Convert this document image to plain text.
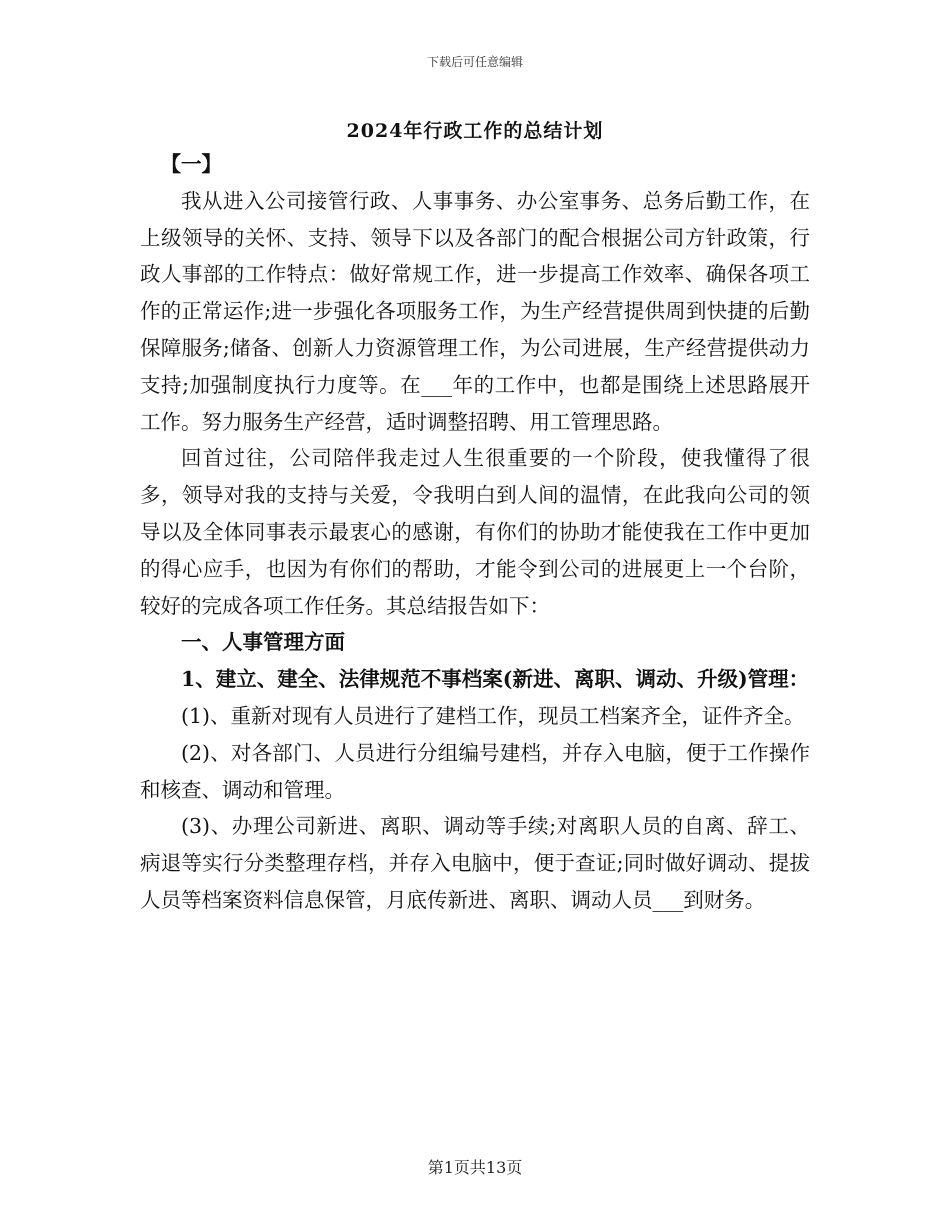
下载后可任意编辑
2024年行政工作的总结计划

【一】

我从进入公司接管行政、人事事务、办公室事务、总务后勤工作，在上级领导的关怀、支持、领导下以及各部门的配合根据公司方针政策，行政人事部的工作特点：做好常规工作，进一步提高工作效率、确保各项工作的正常运作;进一步强化各项服务工作，为生产经营提供周到快捷的后勤保障服务;储备、创新人力资源管理工作，为公司进展，生产经营提供动力支持;加强制度执行力度等。在___年的工作中，也都是围绕上述思路展开工作。努力服务生产经营，适时调整招聘、用工管理思路。

回首过往，公司陪伴我走过人生很重要的一个阶段，使我懂得了很多，领导对我的支持与关爱，令我明白到人间的温情，在此我向公司的领导以及全体同事表示最衷心的感谢，有你们的协助才能使我在工作中更加的得心应手，也因为有你们的帮助，才能令到公司的进展更上一个台阶，较好的完成各项工作任务。其总结报告如下：

一、人事管理方面

1、建立、建全、法律规范不事档案(新进、离职、调动、升级)管理：

(1)、重新对现有人员进行了建档工作，现员工档案齐全，证件齐全。

(2)、对各部门、人员进行分组编号建档，并存入电脑，便于工作操作和核查、调动和管理。

(3)、办理公司新进、离职、调动等手续;对离职人员的自离、辞工、病退等实行分类整理存档，并存入电脑中，便于查证;同时做好调动、提拔人员等档案资料信息保管，月底传新进、离职、调动人员___到财务。

第1页共13页
